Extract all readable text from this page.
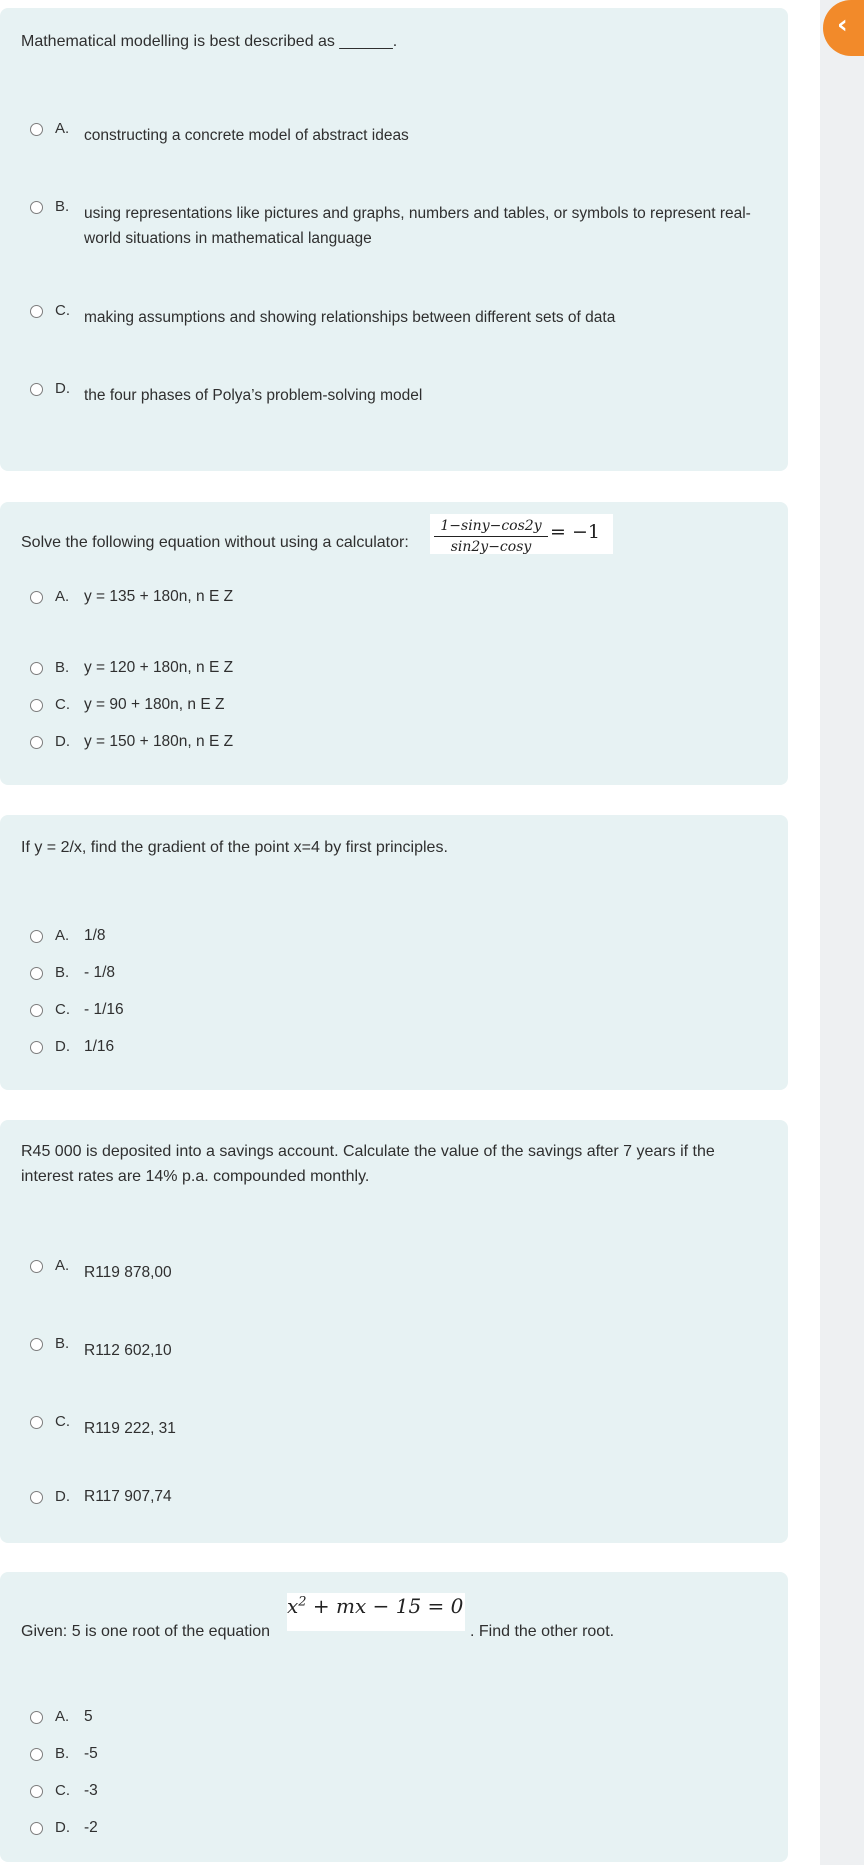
‹
Mathematical modelling is best described as ______.
A. constructing a concrete model of abstract ideas
B. using representations like pictures and graphs, numbers and tables, or symbols to represent real-world situations in mathematical language
C. making assumptions and showing relationships between different sets of data
D. the four phases of Polya’s problem-solving model
Solve the following equation without using a calculator: $\frac{1-\sin y-\cos 2y}{\sin 2y-\cos y} = -1$
A. y = 135 + 180n, n E Z
B. y = 120 + 180n, n E Z
C. y = 90 + 180n, n E Z
D. y = 150 + 180n, n E Z
If y = 2/x, find the gradient of the point x=4 by first principles.
A. 1/8
B. - 1/8
C. - 1/16
D. 1/16
R45 000 is deposited into a savings account. Calculate the value of the savings after 7 years if the interest rates are 14% p.a. compounded monthly.
A. R119 878,00
B. R112 602,10
C. R119 222, 31
D. R117 907,74
Given: 5 is one root of the equation
$x^2$ + mx − 15 = 0
. Find the other root.
A. 5
B. -5
C. -3
D. -2
